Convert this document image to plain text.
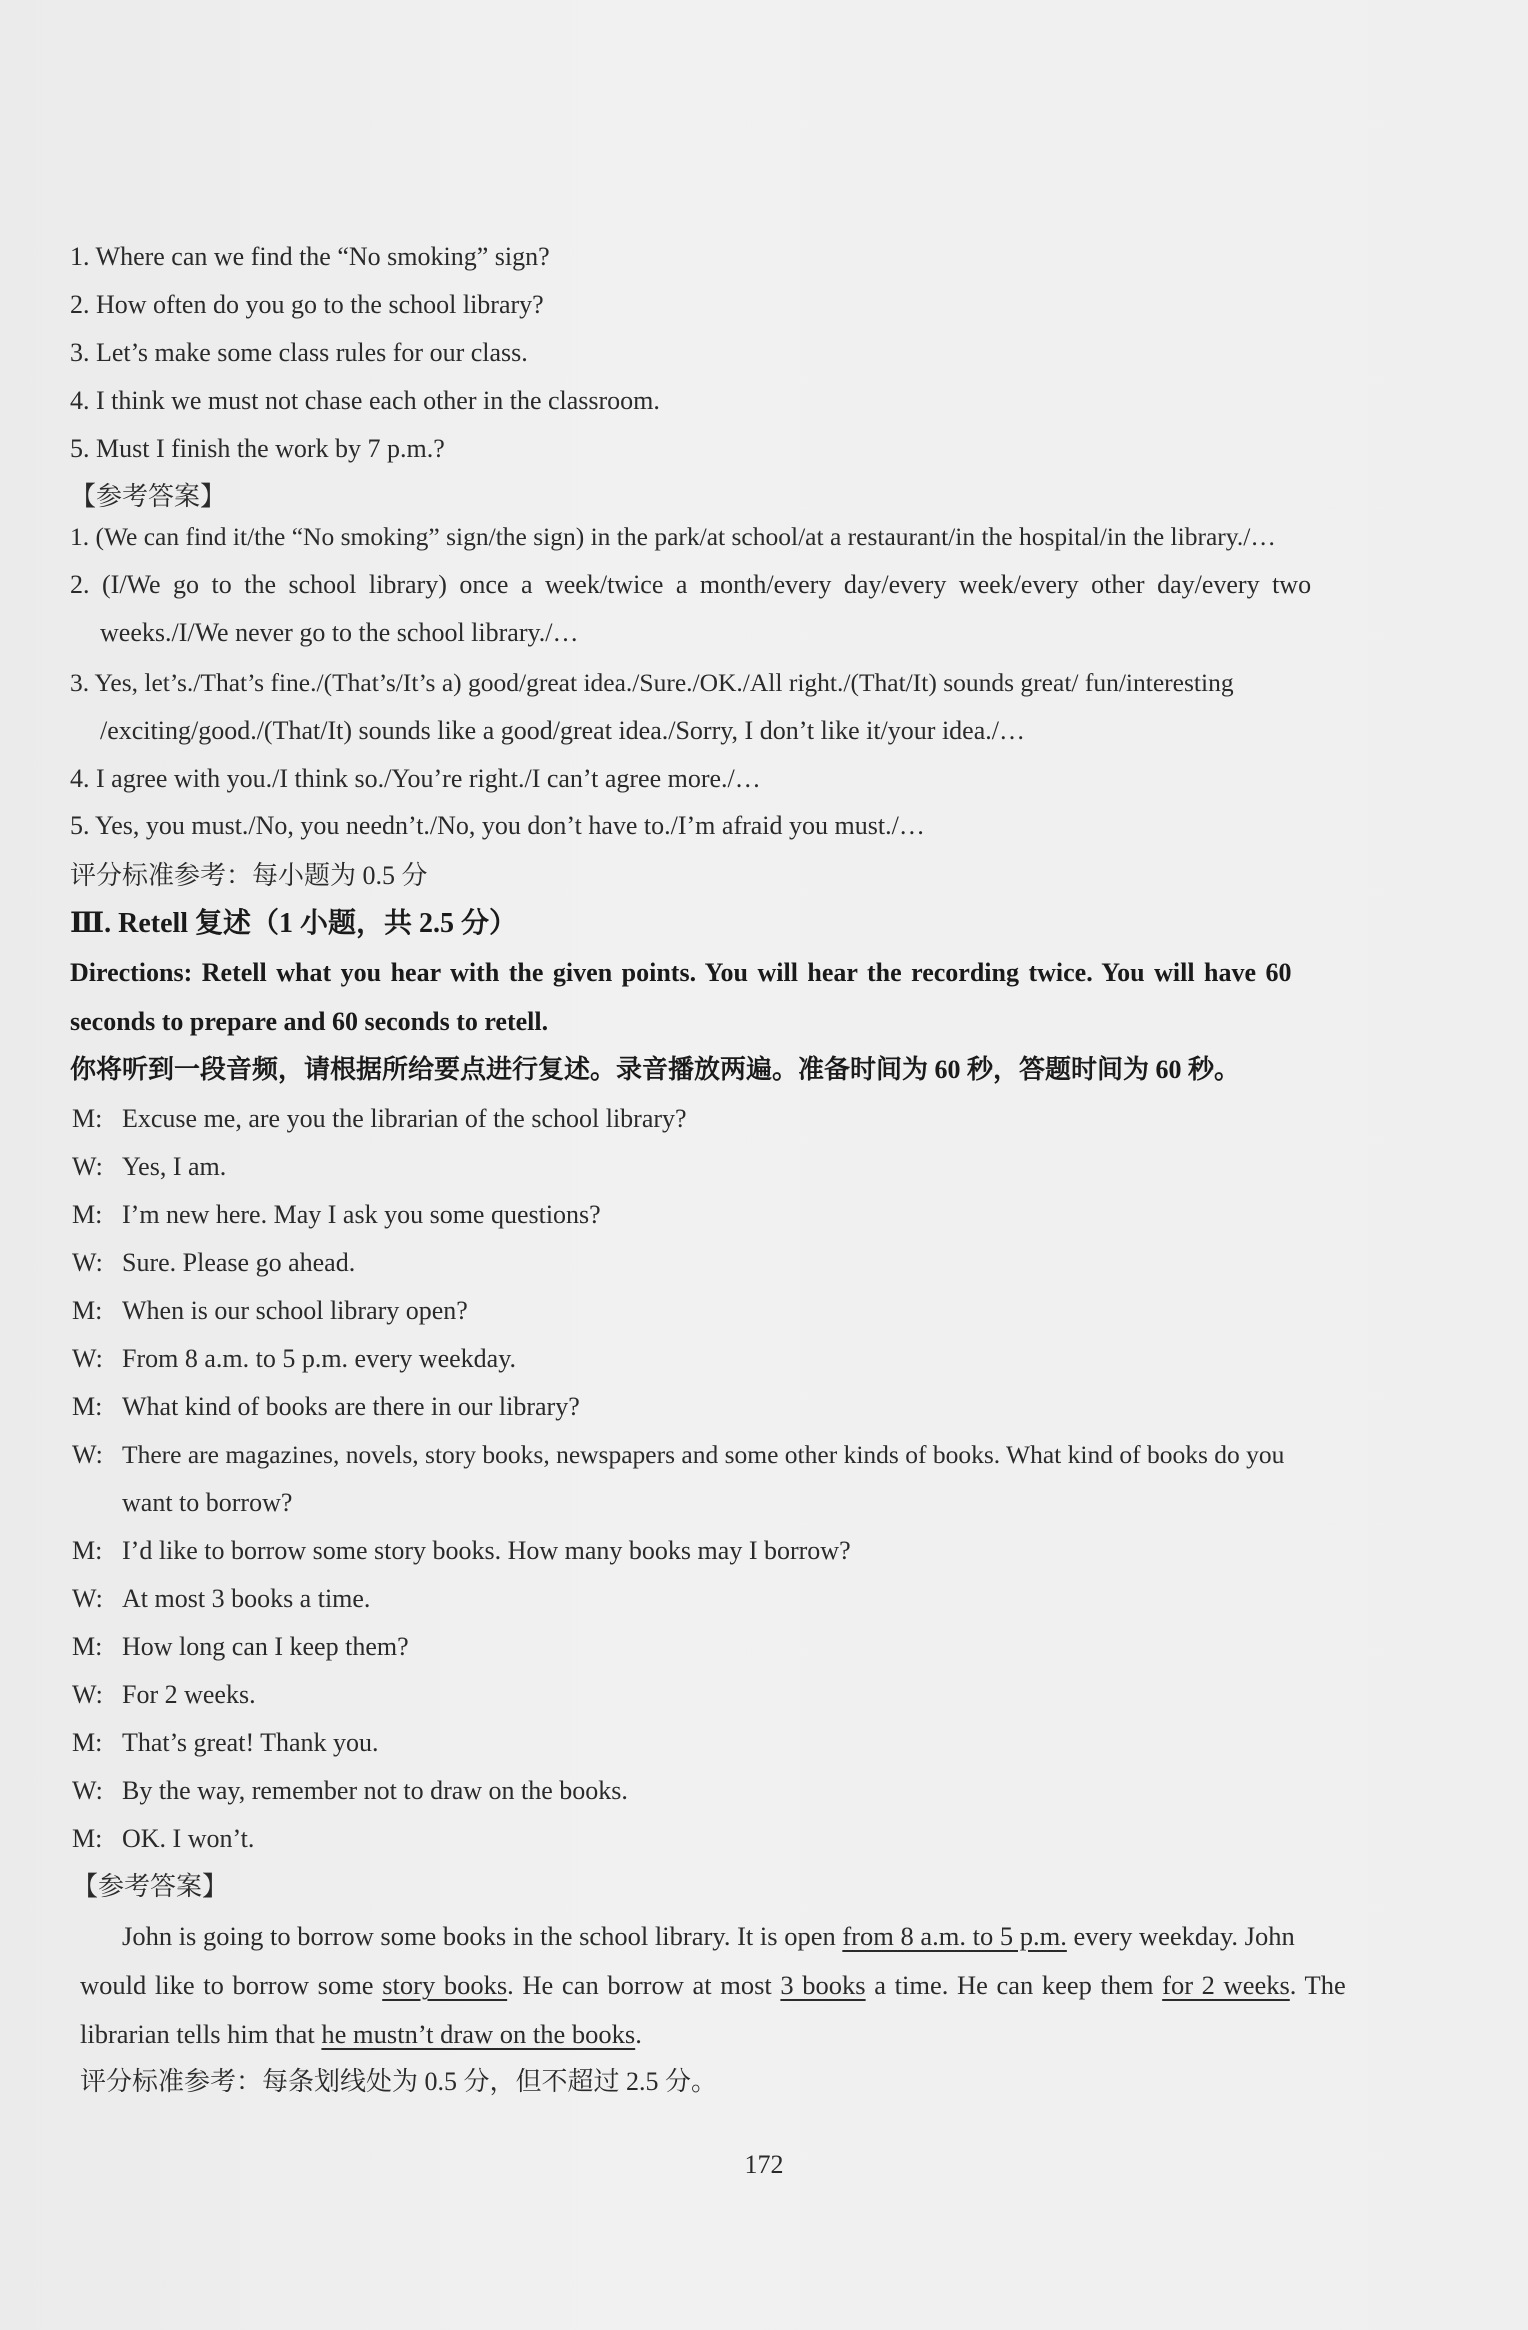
1. Where can we find the “No smoking” sign?
2. How often do you go to the school library?
3. Let’s make some class rules for our class.
4. I think we must not chase each other in the classroom.
5. Must I finish the work by 7 p.m.?
【参考答案】
1. (We can find it/the “No smoking” sign/the sign) in the park/at school/at a restaurant/in the hospital/in the library./…
2. (I/We go to the school library) once a week/twice a month/every day/every week/every other day/every two
weeks./I/We never go to the school library./…
3. Yes, let’s./That’s fine./(That’s/It’s a) good/great idea./Sure./OK./All right./(That/It) sounds great/ fun/interesting
/exciting/good./(That/It) sounds like a good/great idea./Sorry, I don’t like it/your idea./…
4. I agree with you./I think so./You’re right./I can’t agree more./…
5. Yes, you must./No, you needn’t./No, you don’t have to./I’m afraid you must./…
评分标准参考：每小题为 0.5 分
Ⅲ. Retell 复述（1 小题，共 2.5 分）
Directions: Retell what you hear with the given points. You will hear the recording twice. You will have 60
seconds to prepare and 60 seconds to retell.
你将听到一段音频，请根据所给要点进行复述。录音播放两遍。准备时间为 60 秒，答题时间为 60 秒。
M: Excuse me, are you the librarian of the school library?
W: Yes, I am.
M: I’m new here. May I ask you some questions?
W: Sure. Please go ahead.
M: When is our school library open?
W: From 8 a.m. to 5 p.m. every weekday.
M: What kind of books are there in our library?
W: There are magazines, novels, story books, newspapers and some other kinds of books. What kind of books do you
want to borrow?
M: I’d like to borrow some story books. How many books may I borrow?
W: At most 3 books a time.
M: How long can I keep them?
W: For 2 weeks.
M: That’s great! Thank you.
W: By the way, remember not to draw on the books.
M: OK. I won’t.
【参考答案】
John is going to borrow some books in the school library. It is open from 8 a.m. to 5 p.m. every weekday. John
would like to borrow some story books. He can borrow at most 3 books a time. He can keep them for 2 weeks. The
librarian tells him that he mustn’t draw on the books.
评分标准参考：每条划线处为 0.5 分，但不超过 2.5 分。
172
